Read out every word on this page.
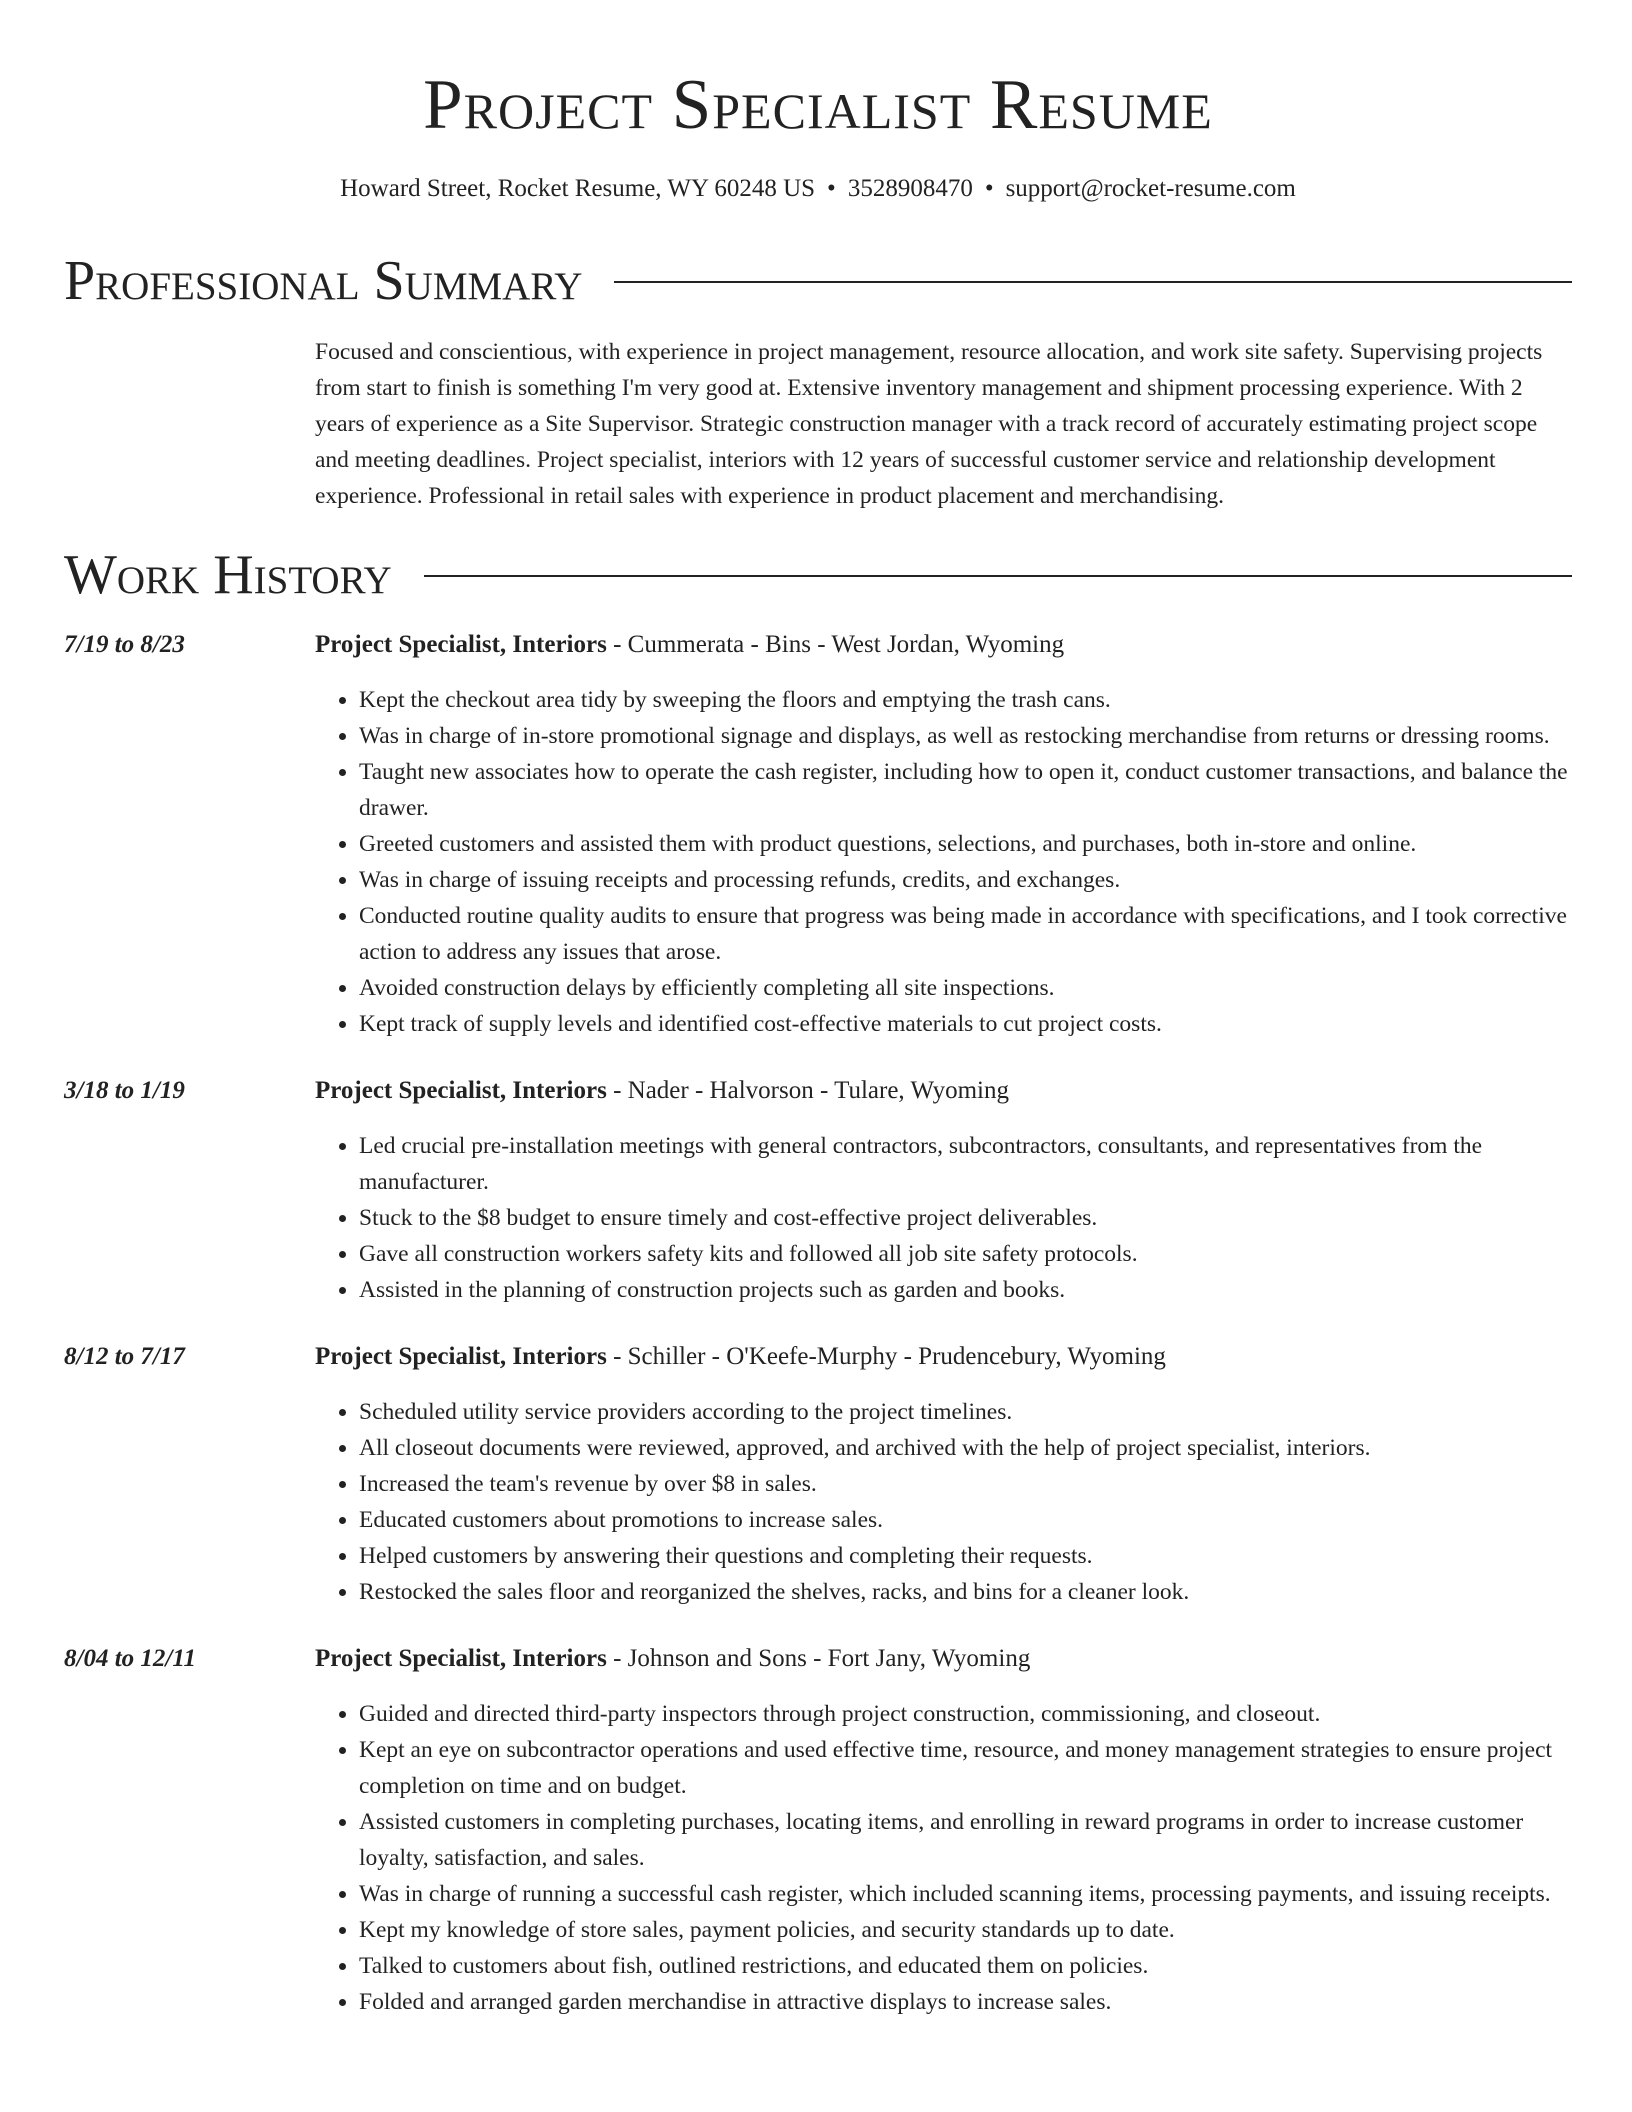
Project Specialist Resume
Howard Street, Rocket Resume, WY 60248 US • 3528908470 • support@rocket-resume.com
Professional Summary
Focused and conscientious, with experience in project management, resource allocation, and work site safety. Supervising projects from start to finish is something I'm very good at. Extensive inventory management and shipment processing experience. With 2 years of experience as a Site Supervisor. Strategic construction manager with a track record of accurately estimating project scope and meeting deadlines. Project specialist, interiors with 12 years of successful customer service and relationship development experience. Professional in retail sales with experience in product placement and merchandising.
Work History
7/19 to 8/23	Project Specialist, Interiors - Cummerata - Bins - West Jordan, Wyoming
• Kept the checkout area tidy by sweeping the floors and emptying the trash cans.
• Was in charge of in-store promotional signage and displays, as well as restocking merchandise from returns or dressing rooms.
• Taught new associates how to operate the cash register, including how to open it, conduct customer transactions, and balance the drawer.
• Greeted customers and assisted them with product questions, selections, and purchases, both in-store and online.
• Was in charge of issuing receipts and processing refunds, credits, and exchanges.
• Conducted routine quality audits to ensure that progress was being made in accordance with specifications, and I took corrective action to address any issues that arose.
• Avoided construction delays by efficiently completing all site inspections.
• Kept track of supply levels and identified cost-effective materials to cut project costs.
3/18 to 1/19	Project Specialist, Interiors - Nader - Halvorson - Tulare, Wyoming
• Led crucial pre-installation meetings with general contractors, subcontractors, consultants, and representatives from the manufacturer.
• Stuck to the $8 budget to ensure timely and cost-effective project deliverables.
• Gave all construction workers safety kits and followed all job site safety protocols.
• Assisted in the planning of construction projects such as garden and books.
8/12 to 7/17	Project Specialist, Interiors - Schiller - O'Keefe-Murphy - Prudencebury, Wyoming
• Scheduled utility service providers according to the project timelines.
• All closeout documents were reviewed, approved, and archived with the help of project specialist, interiors.
• Increased the team's revenue by over $8 in sales.
• Educated customers about promotions to increase sales.
• Helped customers by answering their questions and completing their requests.
• Restocked the sales floor and reorganized the shelves, racks, and bins for a cleaner look.
8/04 to 12/11	Project Specialist, Interiors - Johnson and Sons - Fort Jany, Wyoming
• Guided and directed third-party inspectors through project construction, commissioning, and closeout.
• Kept an eye on subcontractor operations and used effective time, resource, and money management strategies to ensure project completion on time and on budget.
• Assisted customers in completing purchases, locating items, and enrolling in reward programs in order to increase customer loyalty, satisfaction, and sales.
• Was in charge of running a successful cash register, which included scanning items, processing payments, and issuing receipts.
• Kept my knowledge of store sales, payment policies, and security standards up to date.
• Talked to customers about fish, outlined restrictions, and educated them on policies.
• Folded and arranged garden merchandise in attractive displays to increase sales.
